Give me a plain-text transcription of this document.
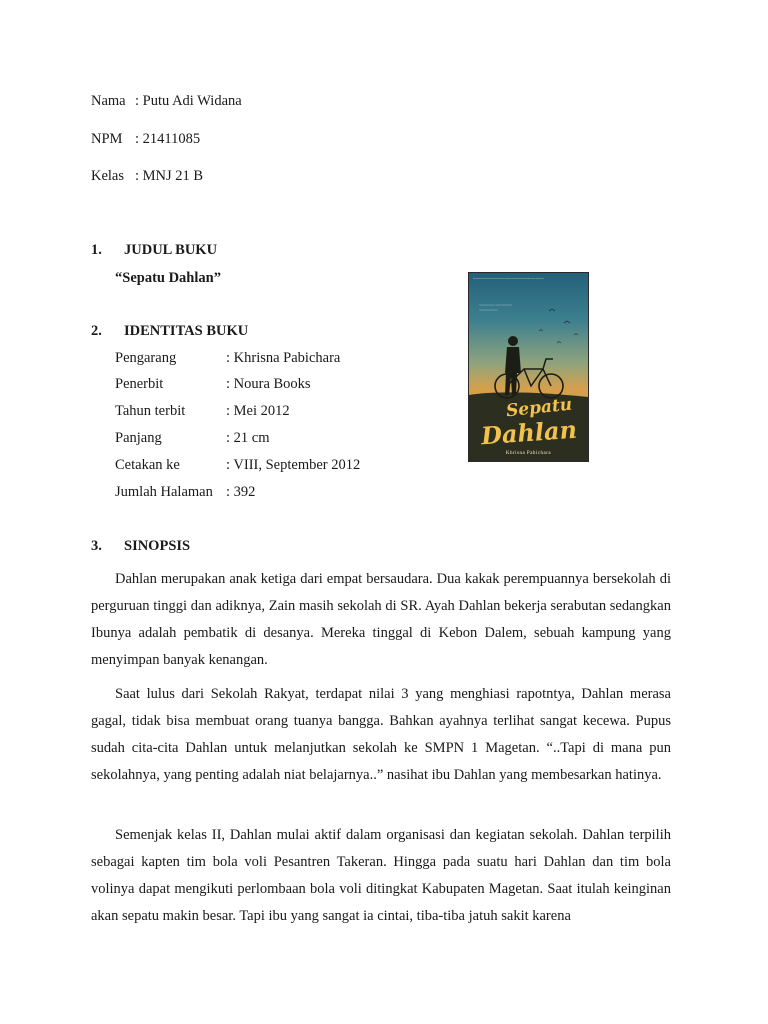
Nama : Putu Adi Widana
NPM : 21411085
Kelas : MNJ 21 B
1. JUDUL BUKU
“Sepatu Dahlan”	~~~~~~~~~~~~~~~~~~~~~~~~~~
~~~~~~~~ ~~~~~~~~~ ~~~~~~~~~~
Sepatu
Dahlan
Khrisna Pabichara
2. IDENTITAS BUKU
Pengarang	: Khrisna Pabichara
Penerbit	: Noura Books
Tahun terbit	: Mei 2012
Panjang	: 21 cm
Cetakan ke	: VIII, September 2012
Jumlah Halaman : 392
3. SINOPSIS
Dahlan merupakan anak ketiga dari empat bersaudara. Dua kakak perempuannya bersekolah di perguruan tinggi dan adiknya, Zain masih sekolah di SR. Ayah Dahlan bekerja serabutan sedangkan Ibunya adalah pembatik di desanya. Mereka tinggal di Kebon Dalem, sebuah kampung yang menyimpan banyak kenangan.
Saat lulus dari Sekolah Rakyat, terdapat nilai 3 yang menghiasi rapotntya, Dahlan merasa gagal, tidak bisa membuat orang tuanya bangga. Bahkan ayahnya terlihat sangat kecewa. Pupus sudah cita-cita Dahlan untuk melanjutkan sekolah ke SMPN 1 Magetan. “..Tapi di mana pun sekolahnya, yang penting adalah niat belajarnya..” nasihat ibu Dahlan yang membesarkan hatinya.
Semenjak kelas II, Dahlan mulai aktif dalam organisasi dan kegiatan sekolah. Dahlan terpilih sebagai kapten tim bola voli Pesantren Takeran. Hingga pada suatu hari Dahlan dan tim bola volinya dapat mengikuti perlombaan bola voli ditingkat Kabupaten Magetan. Saat itulah keinginan akan sepatu makin besar. Tapi ibu yang sangat ia cintai, tiba-tiba jatuh sakit karena
